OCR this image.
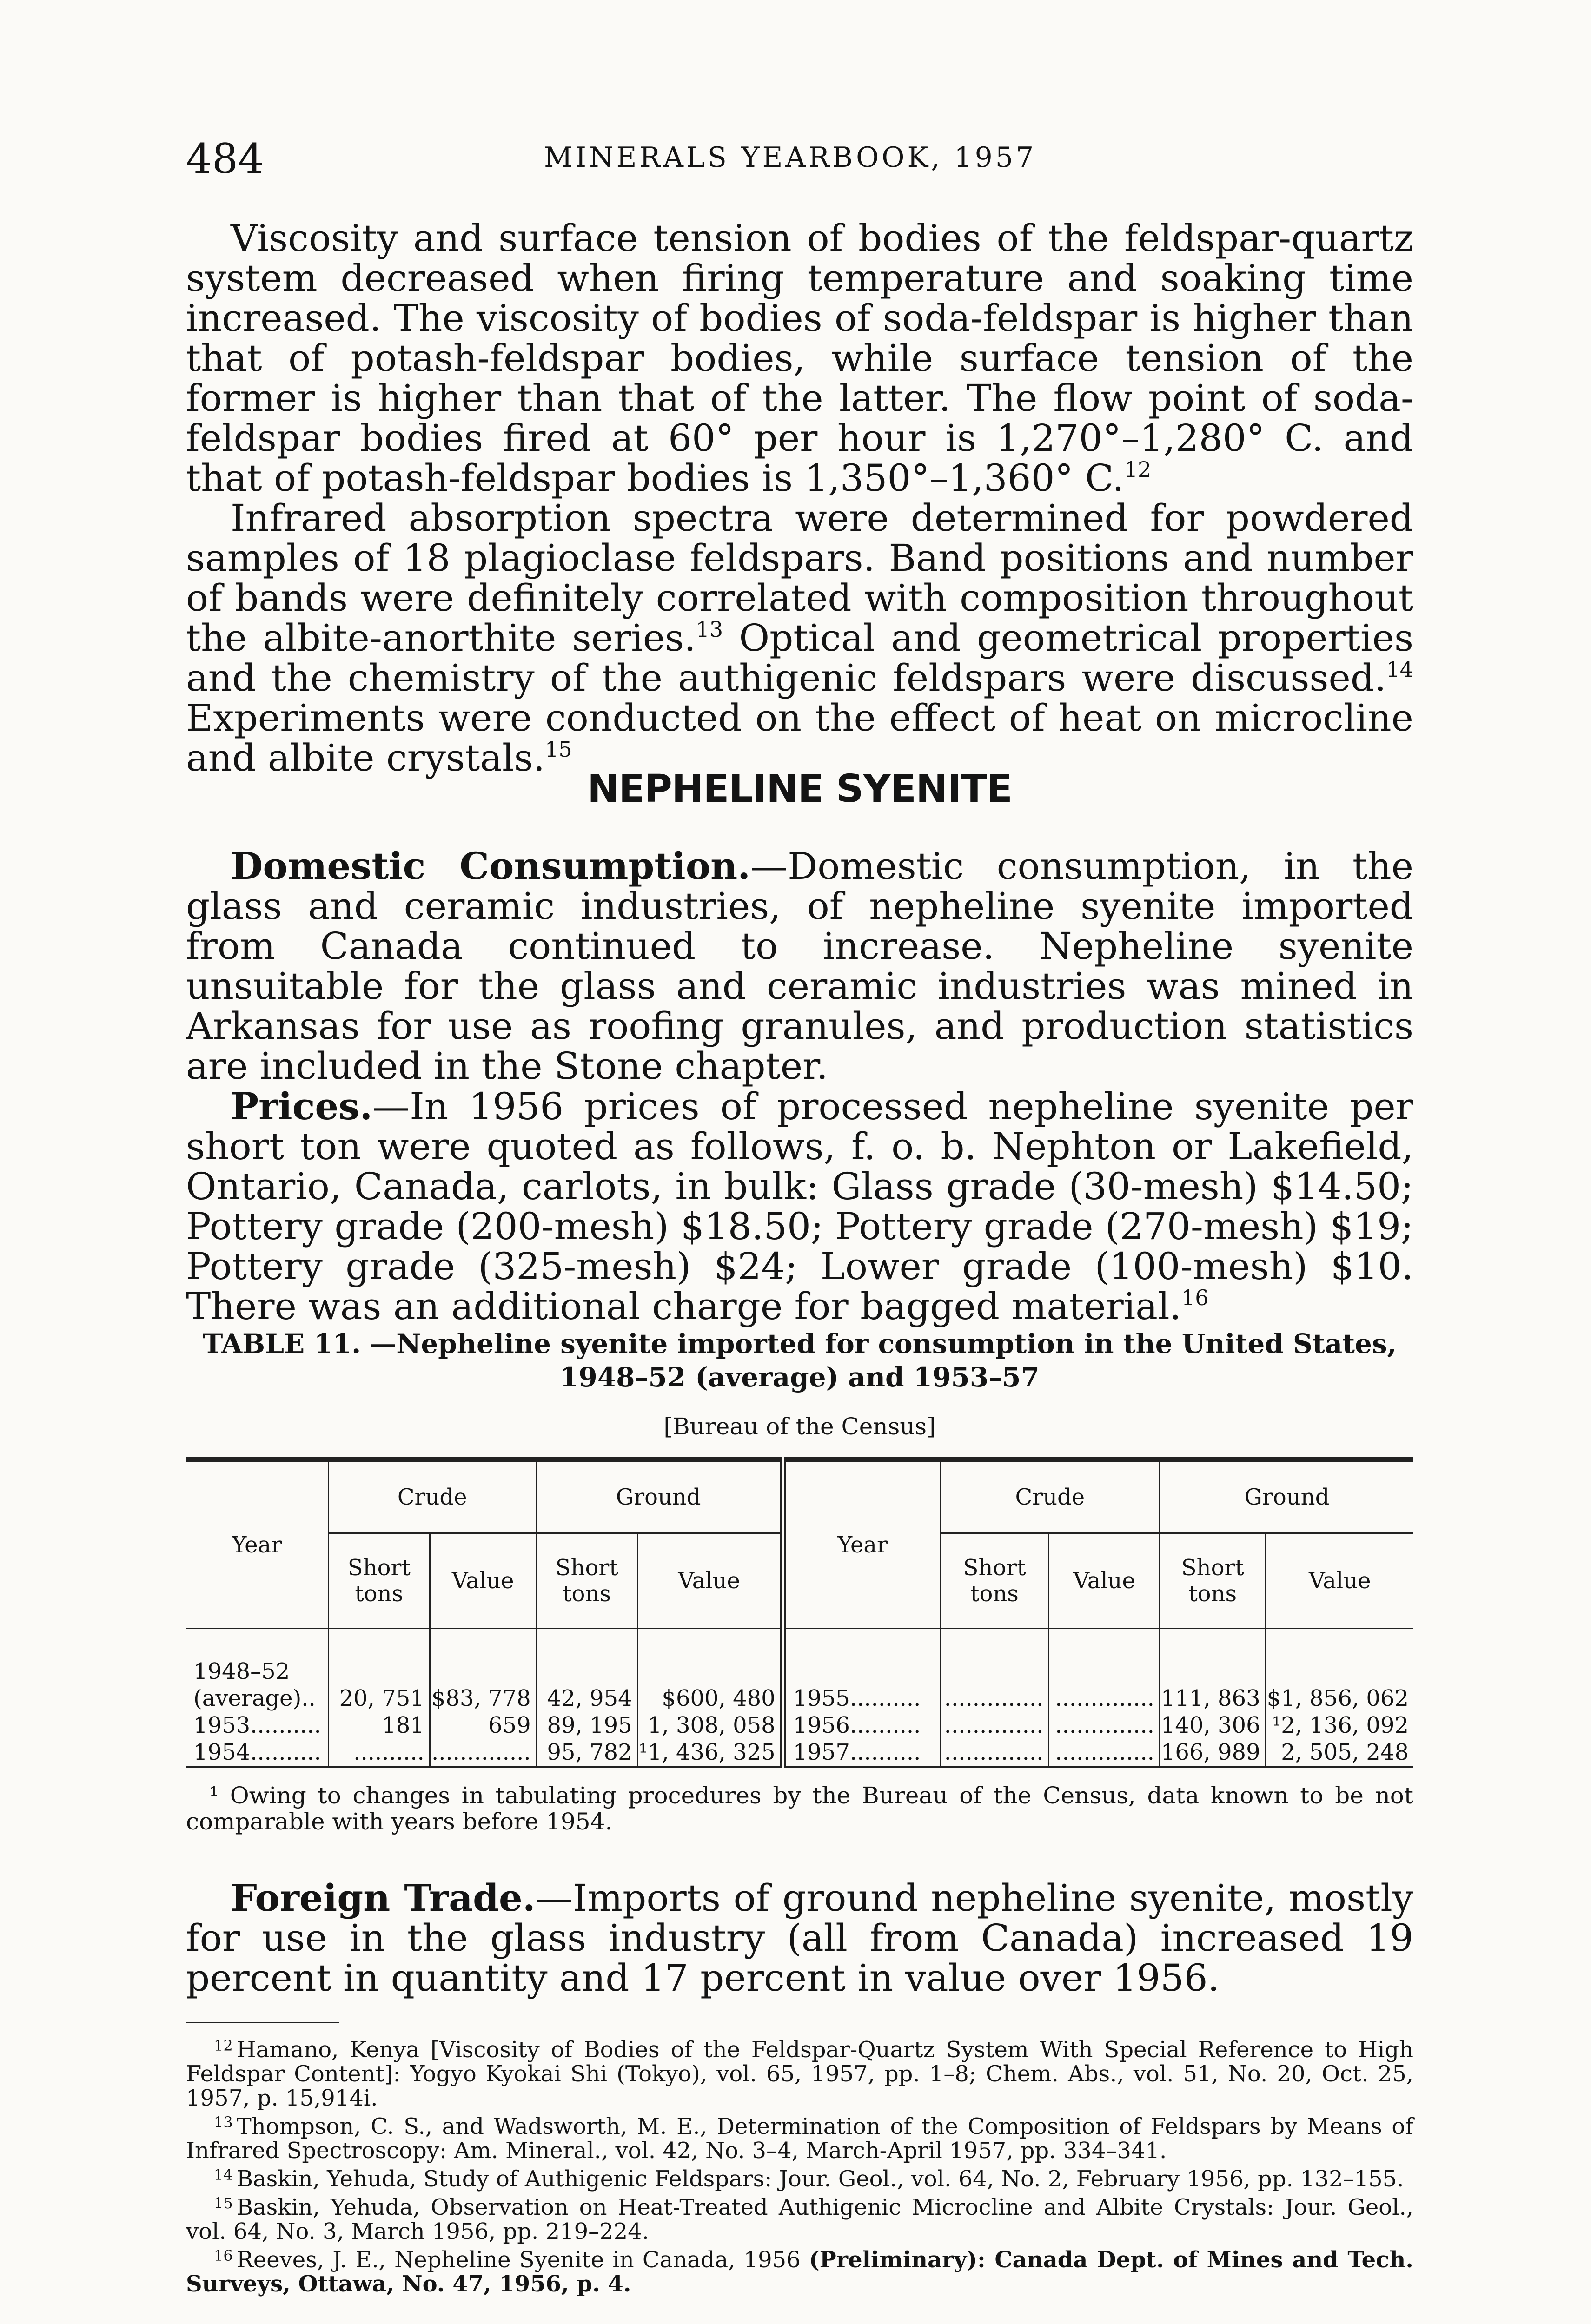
484	MINERALS YEARBOOK, 1957

Viscosity and surface tension of bodies of the feldspar-quartz system decreased when firing temperature and soaking time increased. The viscosity of bodies of soda-feldspar is higher than that of potash-feldspar bodies, while surface tension of the former is higher than that of the latter. The flow point of soda-feldspar bodies fired at 60° per hour is 1,270°–1,280° C. and that of potash-feldspar bodies is 1,350°–1,360° C.$^{12}$

Infrared absorption spectra were determined for powdered samples of 18 plagioclase feldspars. Band positions and number of bands were definitely correlated with composition throughout the albite-anorthite series.$^{13}$ Optical and geometrical properties and the chemistry of the authigenic feldspars were discussed.$^{14}$ Experiments were conducted on the effect of heat on microcline and albite crystals.$^{15}$

NEPHELINE SYENITE

Domestic Consumption.—Domestic consumption, in the glass and ceramic industries, of nepheline syenite imported from Canada continued to increase. Nepheline syenite unsuitable for the glass and ceramic industries was mined in Arkansas for use as roofing granules, and production statistics are included in the Stone chapter.

Prices.—In 1956 prices of processed nepheline syenite per short ton were quoted as follows, f. o. b. Nephton or Lakefield, Ontario, Canada, carlots, in bulk: Glass grade (30-mesh) $14.50; Pottery grade (200-mesh) $18.50; Pottery grade (270-mesh) $19; Pottery grade (325-mesh) $24; Lower grade (100-mesh) $10. There was an additional charge for bagged material.$^{16}$

TABLE 11. —Nepheline syenite imported for consumption in the United States,
1948–52 (average) and 1953–57
[Bureau of the Census]
Year	Crude		Ground		Year	Crude		Ground	
	Short tons	Value	Short tons	Value		Short tons	Value	Short tons	Value

1948–52									
(average)..	20, 751	$83, 778	42, 954	$600, 480	1955..........	..............	..............	111, 863	$1, 856, 062
1953..........	181	659	89, 195	1, 308, 058	1956..........	..............	..............	140, 306	¹2, 136, 092
1954..........	..........	..............	95, 782	¹1, 436, 325	1957..........	..............	..............	166, 989	2, 505, 248

¹ Owing to changes in tabulating procedures by the Bureau of the Census, data known to be not comparable with years before 1954.

Foreign Trade.—Imports of ground nepheline syenite, mostly for use in the glass industry (all from Canada) increased 19 percent in quantity and 17 percent in value over 1956.

$^{12}$ Hamano, Kenya [Viscosity of Bodies of the Feldspar-Quartz System With Special Reference to High Feldspar Content]: Yogyo Kyokai Shi (Tokyo), vol. 65, 1957, pp. 1–8; Chem. Abs., vol. 51, No. 20, Oct. 25, 1957, p. 15,914i.

$^{13}$ Thompson, C. S., and Wadsworth, M. E., Determination of the Composition of Feldspars by Means of Infrared Spectroscopy: Am. Mineral., vol. 42, No. 3–4, March-April 1957, pp. 334–341.

$^{14}$ Baskin, Yehuda, Study of Authigenic Feldspars: Jour. Geol., vol. 64, No. 2, February 1956, pp. 132–155.

$^{15}$ Baskin, Yehuda, Observation on Heat-Treated Authigenic Microcline and Albite Crystals: Jour. Geol., vol. 64, No. 3, March 1956, pp. 219–224.

$^{16}$ Reeves, J. E., Nepheline Syenite in Canada, 1956 (Preliminary): Canada Dept. of Mines and Tech. Surveys, Ottawa, No. 47, 1956, p. 4.
